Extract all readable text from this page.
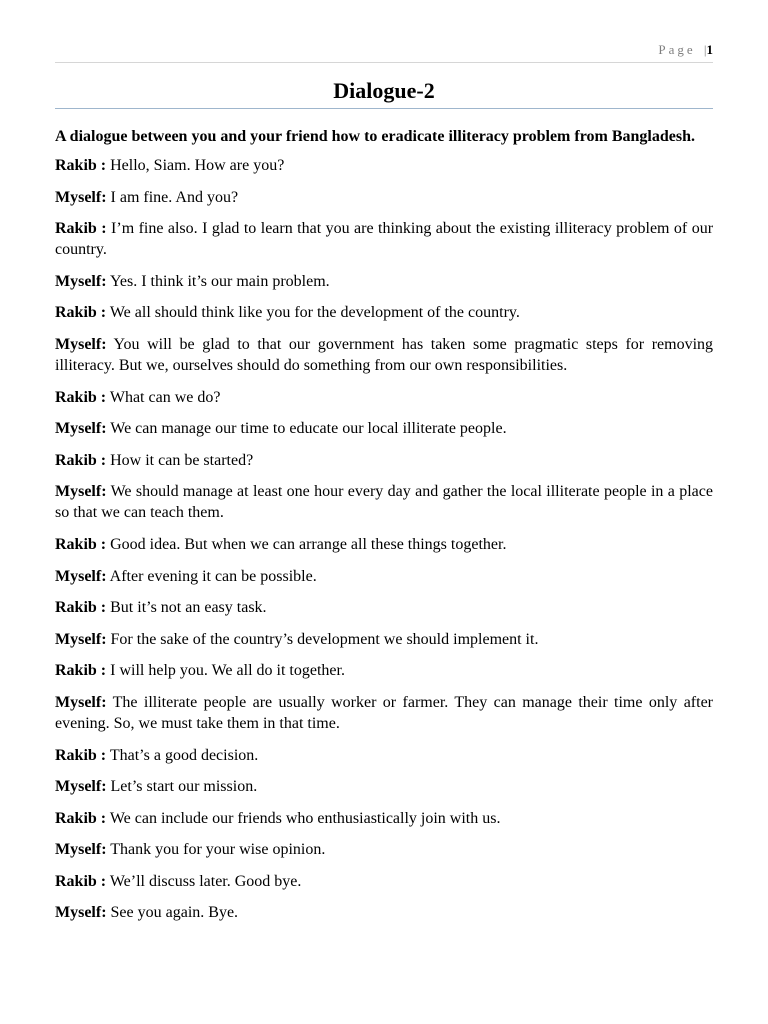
Page |1
Dialogue-2

A dialogue between you and your friend how to eradicate illiteracy problem from Bangladesh.

Rakib : Hello, Siam. How are you?

Myself: I am fine. And you?

Rakib : I’m fine also. I glad to learn that you are thinking about the existing illiteracy problem of our country.

Myself: Yes. I think it’s our main problem.

Rakib : We all should think like you for the development of the country.

Myself: You will be glad to that our government has taken some pragmatic steps for removing illiteracy. But we, ourselves should do something from our own responsibilities.

Rakib : What can we do?

Myself: We can manage our time to educate our local illiterate people.

Rakib : How it can be started?

Myself: We should manage at least one hour every day and gather the local illiterate people in a place so that we can teach them.

Rakib : Good idea. But when we can arrange all these things together.

Myself: After evening it can be possible.

Rakib : But it’s not an easy task.

Myself: For the sake of the country’s development we should implement it.

Rakib : I will help you. We all do it together.

Myself: The illiterate people are usually worker or farmer. They can manage their time only after evening. So, we must take them in that time.

Rakib : That’s a good decision.

Myself: Let’s start our mission.

Rakib : We can include our friends who enthusiastically join with us.

Myself: Thank you for your wise opinion.

Rakib : We’ll discuss later. Good bye.

Myself: See you again. Bye.
